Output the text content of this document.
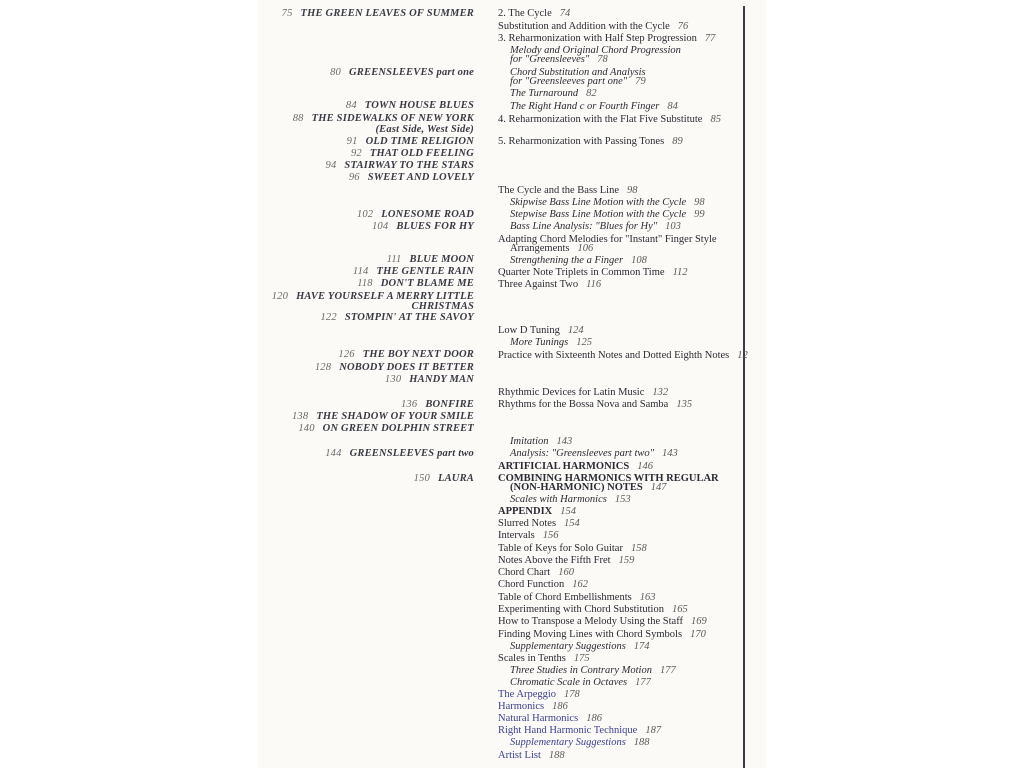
75 THE GREEN LEAVES OF SUMMER
80 GREENSLEEVES part one
84 TOWN HOUSE BLUES
88 THE SIDEWALKS OF NEW YORK
(East Side, West Side)
91 OLD TIME RELIGION
92 THAT OLD FEELING
94 STAIRWAY TO THE STARS
96 SWEET AND LOVELY
102 LONESOME ROAD
104 BLUES FOR HY
111 BLUE MOON
114 THE GENTLE RAIN
118 DON'T BLAME ME
120 HAVE YOURSELF A MERRY LITTLE
CHRISTMAS
122 STOMPIN' AT THE SAVOY
126 THE BOY NEXT DOOR
128 NOBODY DOES IT BETTER
130 HANDY MAN
136 BONFIRE
138 THE SHADOW OF YOUR SMILE
140 ON GREEN DOLPHIN STREET
144 GREENSLEEVES part two
150 LAURA
2. The Cycle 74
Substitution and Addition with the Cycle 76
3. Reharmonization with Half Step Progression 77
Melody and Original Chord Progression
for "Greensleeves" 78
Chord Substitution and Analysis
for "Greensleeves part one" 79
The Turnaround 82
The Right Hand c or Fourth Finger 84
4. Reharmonization with the Flat Five Substitute 85
5. Reharmonization with Passing Tones 89
The Cycle and the Bass Line 98
Skipwise Bass Line Motion with the Cycle 98
Stepwise Bass Line Motion with the Cycle 99
Bass Line Analysis: "Blues for Hy" 103
Adapting Chord Melodies for "Instant" Finger Style
Arrangements 106
Strengthening the a Finger 108
Quarter Note Triplets in Common Time 112
Three Against Two 116
Low D Tuning 124
More Tunings 125
Practice with Sixteenth Notes and Dotted Eighth Notes 12
Rhythmic Devices for Latin Music 132
Rhythms for the Bossa Nova and Samba 135
Imitation 143
Analysis: "Greensleeves part two" 143
ARTIFICIAL HARMONICS 146
COMBINING HARMONICS WITH REGULAR
(NON-HARMONIC) NOTES 147
Scales with Harmonics 153
APPENDIX 154
Slurred Notes 154
Intervals 156
Table of Keys for Solo Guitar 158
Notes Above the Fifth Fret 159
Chord Chart 160
Chord Function 162
Table of Chord Embellishments 163
Experimenting with Chord Substitution 165
How to Transpose a Melody Using the Staff 169
Finding Moving Lines with Chord Symbols 170
Supplementary Suggestions 174
Scales in Tenths 175
Three Studies in Contrary Motion 177
Chromatic Scale in Octaves 177
The Arpeggio 178
Harmonics 186
Natural Harmonics 186
Right Hand Harmonic Technique 187
Supplementary Suggestions 188
Artist List 188
